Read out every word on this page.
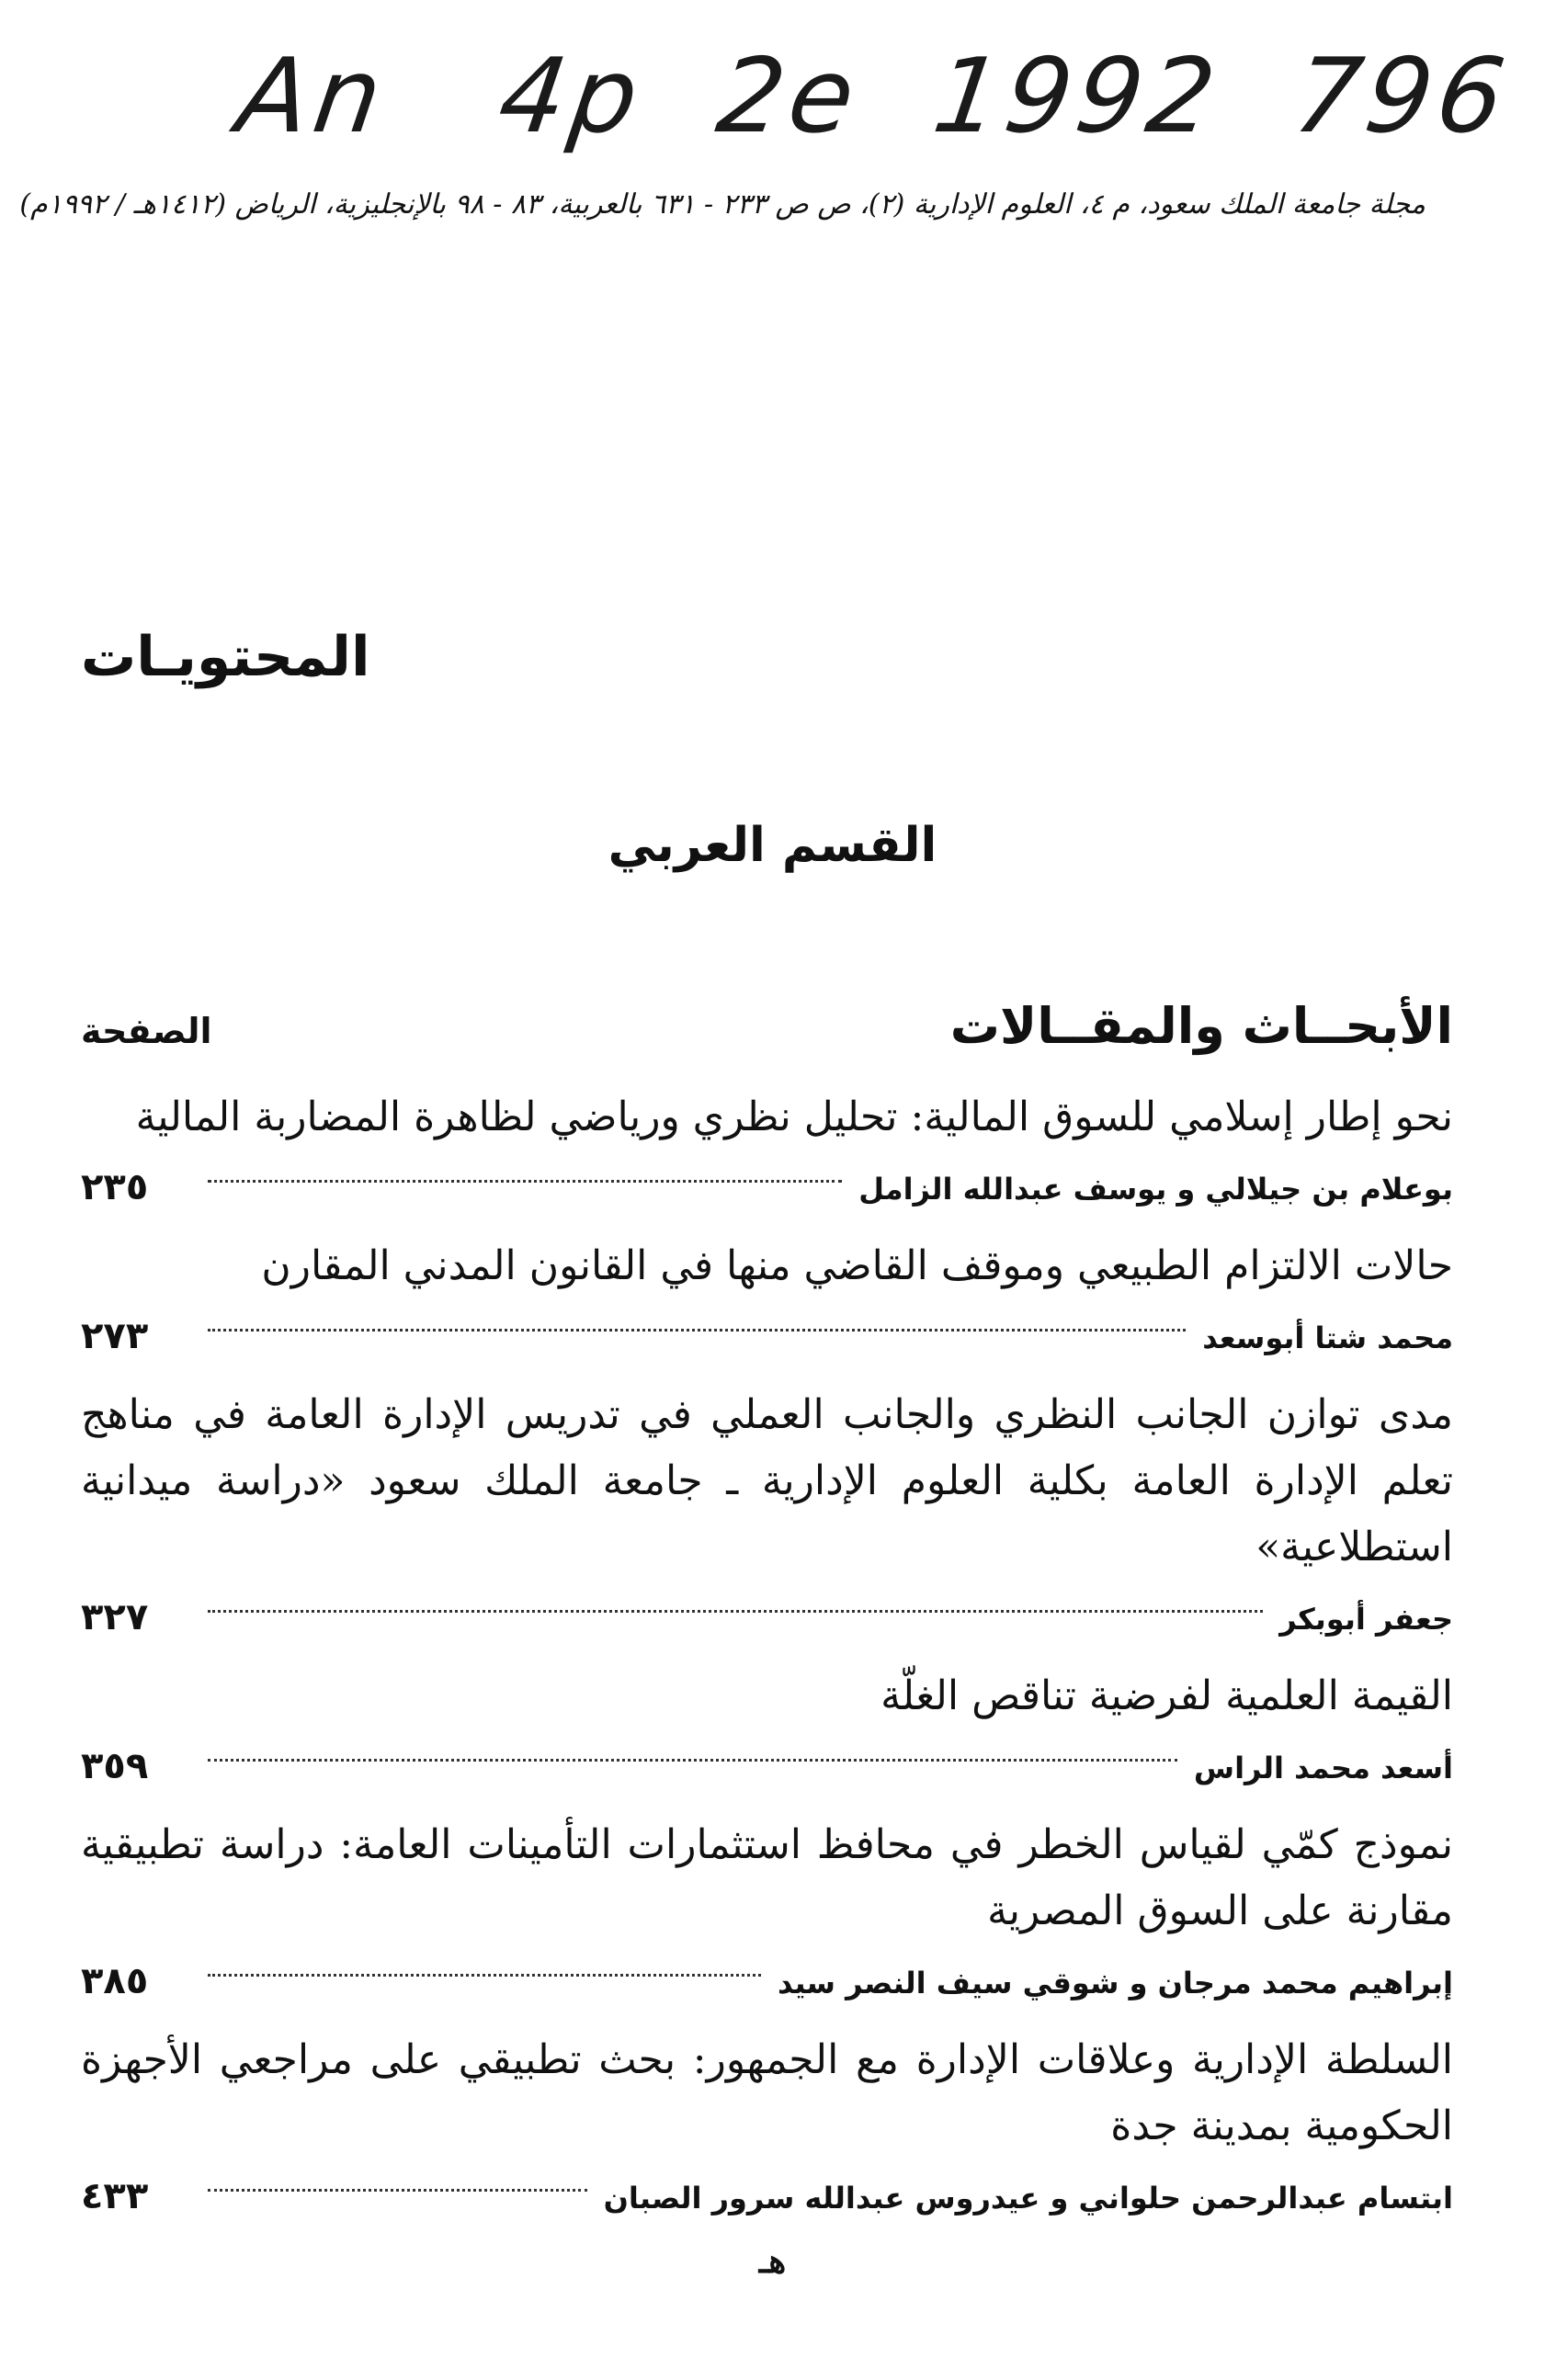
An   4p  2e  1992  796
مجلة جامعة الملك سعود، م ٤، العلوم الإدارية (٢)، ص ص ٢٣٣ - ٦٣١ بالعربية، ٨٣ - ٩٨ بالإنجليزية، الرياض (١٤١٢هـ / ١٩٩٢م)
المحتويـات
القسم العربي
الأبحــاث والمقــالات
الصفحة
نحو إطار إسلامي للسوق المالية: تحليل نظري ورياضي لظاهرة المضاربة المالية
بوعلام بن جيلالي و يوسف عبدالله الزامل
٢٣٥
حالات الالتزام الطبيعي وموقف القاضي منها في القانون المدني المقارن
محمد شتا أبوسعد
٢٧٣
مدى توازن الجانب النظري والجانب العملي في تدريس الإدارة العامة في مناهج تعلم الإدارة العامة بكلية العلوم الإدارية ـ جامعة الملك سعود «دراسة ميدانية استطلاعية»
جعفر أبوبكر
٣٢٧
القيمة العلمية لفرضية تناقص الغلّة
أسعد محمد الراس
٣٥٩
نموذج كمّي لقياس الخطر في محافظ استثمارات التأمينات العامة: دراسة تطبيقية مقارنة على السوق المصرية
إبراهيم محمد مرجان و شوقي سيف النصر سيد
٣٨٥
السلطة الإدارية وعلاقات الإدارة مع الجمهور: بحث تطبيقي على مراجعي الأجهزة الحكومية بمدينة جدة
ابتسام عبدالرحمن حلواني و عيدروس عبدالله سرور الصبان
٤٣٣
هـ
